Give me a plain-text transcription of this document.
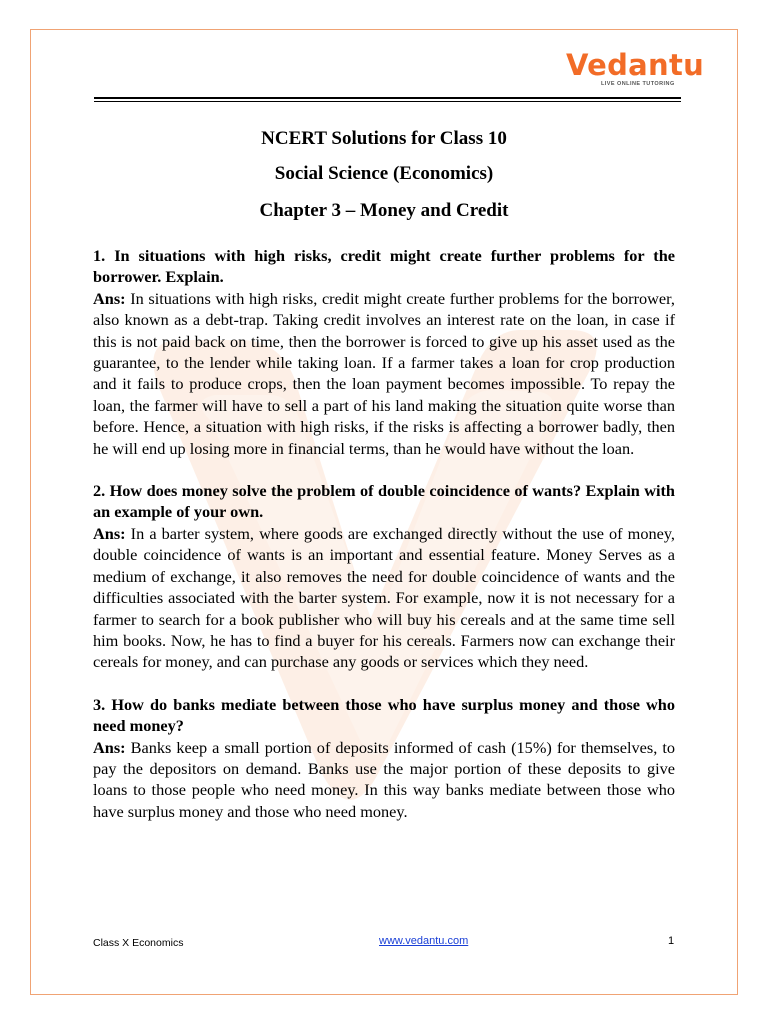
Vedantu
LIVE ONLINE TUTORING
NCERT Solutions for Class 10
Social Science (Economics)
Chapter 3 – Money and Credit

1. In situations with high risks, credit might create further problems for the borrower. Explain.

Ans: In situations with high risks, credit might create further problems for the borrower, also known as a debt-trap. Taking credit involves an interest rate on the loan, in case if this is not paid back on time, then the borrower is forced to give up his asset used as the guarantee, to the lender while taking loan. If a farmer takes a loan for crop production and it fails to produce crops, then the loan payment becomes impossible. To repay the loan, the farmer will have to sell a part of his land making the situation quite worse than before. Hence, a situation with high risks, if the risks is affecting a borrower badly, then he will end up losing more in financial terms, than he would have without the loan.

2. How does money solve the problem of double coincidence of wants? Explain with an example of your own.

Ans: In a barter system, where goods are exchanged directly without the use of money, double coincidence of wants is an important and essential feature. Money Serves as a medium of exchange, it also removes the need for double coincidence of wants and the difficulties associated with the barter system. For example, now it is not necessary for a farmer to search for a book publisher who will buy his cereals and at the same time sell him books. Now, he has to find a buyer for his cereals. Farmers now can exchange their cereals for money, and can purchase any goods or services which they need.

3. How do banks mediate between those who have surplus money and those who need money?

Ans: Banks keep a small portion of deposits informed of cash (15%) for themselves, to pay the depositors on demand. Banks use the major portion of these deposits to give loans to those people who need money. In this way banks mediate between those who have surplus money and those who need money.

Class X Economics	www.vedantu.com	1
